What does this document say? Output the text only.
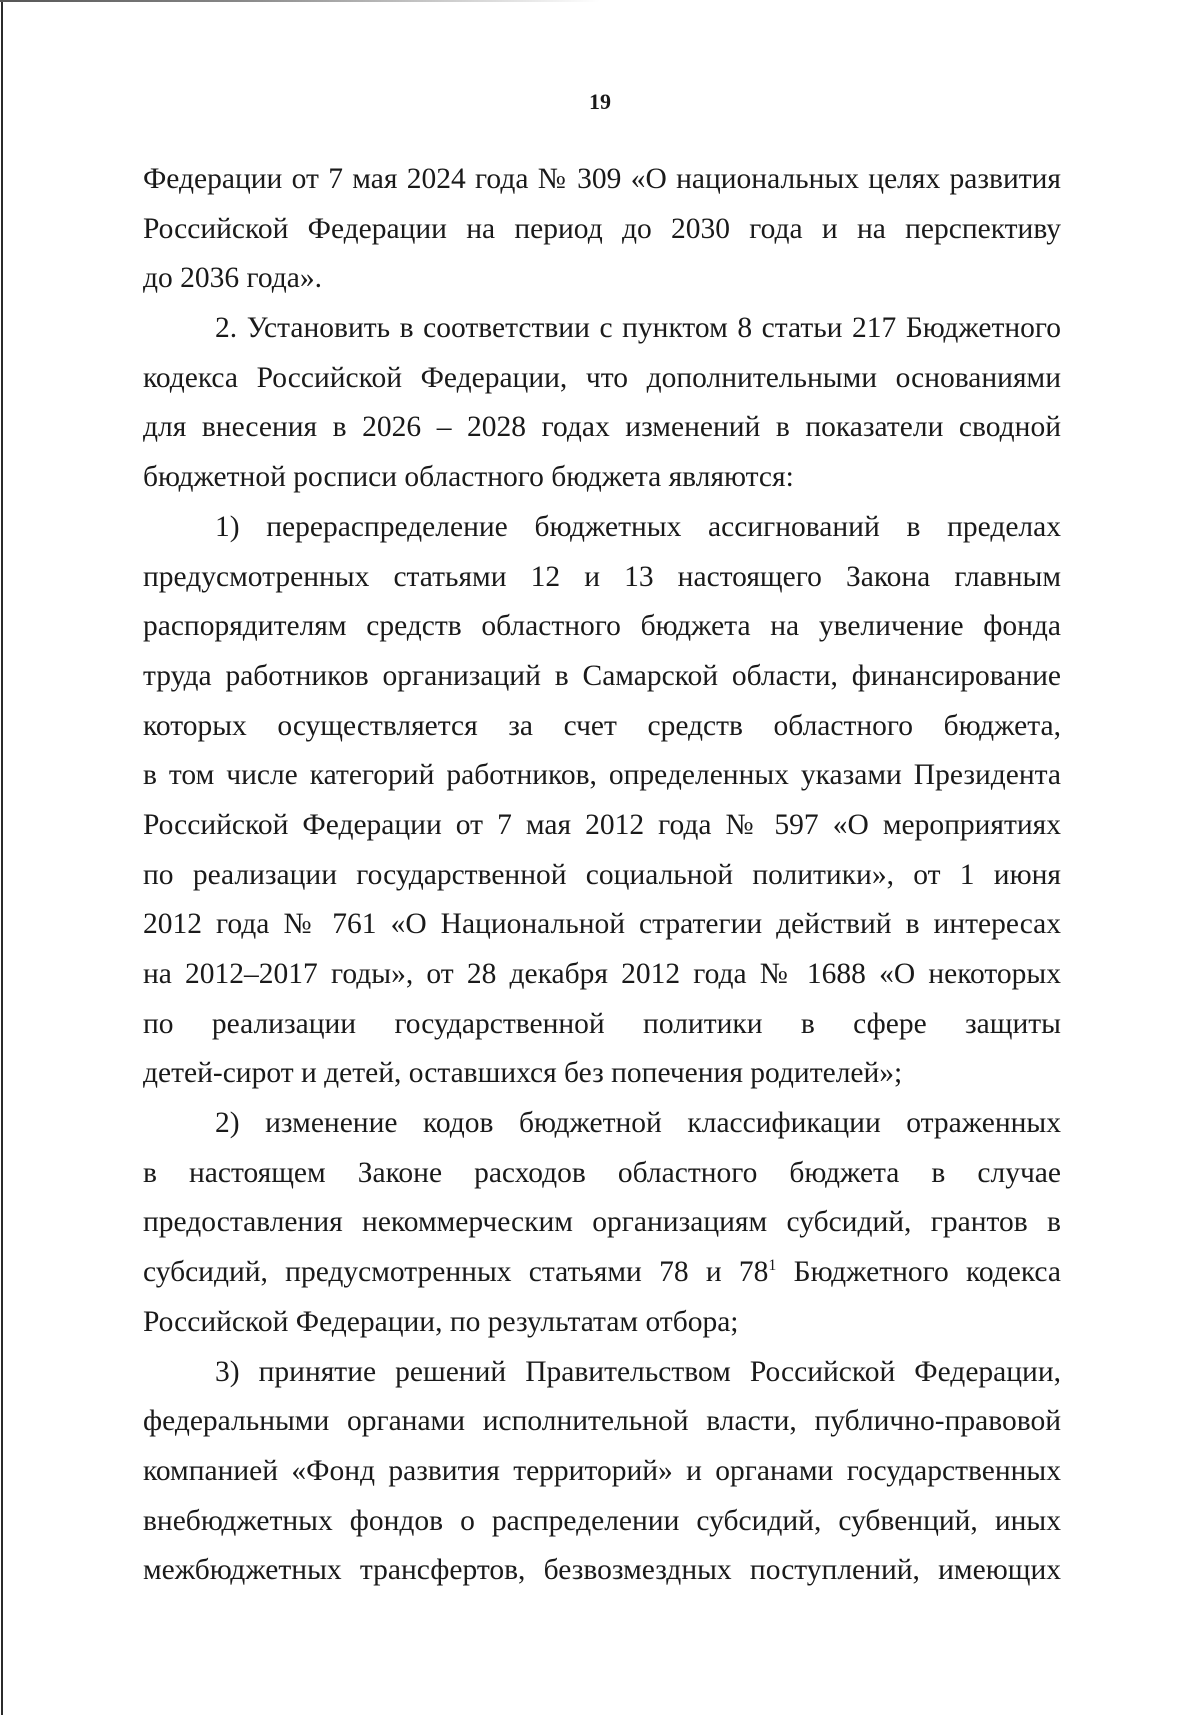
19
Федерации от 7 мая 2024 года № 309 «О национальных целях развития
Российской Федерации на период до 2030 года и на перспективу
до 2036 года».
2. Установить в соответствии с пунктом 8 статьи 217 Бюджетного
кодекса Российской Федерации, что дополнительными основаниями
для внесения в 2026 – 2028 годах изменений в показатели сводной
бюджетной росписи областного бюджета являются:
1) перераспределение бюджетных ассигнований в пределах
предусмотренных статьями 12 и 13 настоящего Закона главным
распорядителям средств областного бюджета на увеличение фонда
труда работников организаций в Самарской области, финансирование
которых осуществляется за счет средств областного бюджета,
в том числе категорий работников, определенных указами Президента
Российской Федерации от 7 мая 2012 года № 597 «О мероприятиях
по реализации государственной социальной политики», от 1 июня
2012 года № 761 «О Национальной стратегии действий в интересах
на 2012–2017 годы», от 28 декабря 2012 года № 1688 «О некоторых
по реализации государственной политики в сфере защиты
детей-сирот и детей, оставшихся без попечения родителей»;
2) изменение кодов бюджетной классификации отраженных
в настоящем Законе расходов областного бюджета в случае
предоставления некоммерческим организациям субсидий, грантов в
субсидий, предусмотренных статьями 78 и $78^1$ Бюджетного кодекса
Российской Федерации, по результатам отбора;
3) принятие решений Правительством Российской Федерации,
федеральными органами исполнительной власти, публично-правовой
компанией «Фонд развития территорий» и органами государственных
внебюджетных фондов о распределении субсидий, субвенций, иных
межбюджетных трансфертов, безвозмездных поступлений, имеющих
